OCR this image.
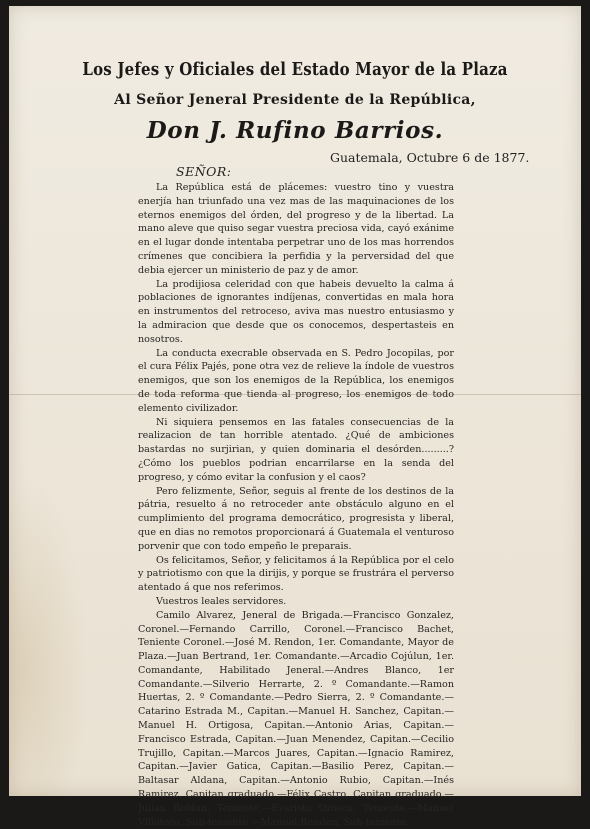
Los Jefes y Oficiales del Estado Mayor de la Plaza
Al Señor Jeneral Presidente de la República,
Don J. Rufino Barrios.
Guatemala, Octubre 6 de 1877.
SEÑOR:

La República está de plácemes: vuestro tino y vuestra enerjía han triunfado una vez mas de las maquinaciones de los eternos enemigos del órden, del progreso y de la libertad. La mano aleve que quiso segar vuestra preciosa vida, cayó exánime en el lugar donde intentaba perpetrar uno de los mas horrendos crímenes que concibiera la perfidia y la perversidad del que debia ejercer un ministerio de paz y de amor.

La prodijiosa celeridad con que habeis devuelto la calma á poblaciones de ignorantes indíjenas, convertidas en mala hora en instrumentos del retroceso, aviva mas nuestro entusiasmo y la admiracion que desde que os conocemos, despertasteis en nosotros.

La conducta execrable observada en S. Pedro Jocopilas, por el cura Félix Pajés, pone otra vez de relieve la índole de vuestros enemigos, que son los enemigos de la República, los enemigos de toda reforma que tienda al progreso, los enemigos de todo elemento civilizador.

Ni siquiera pensemos en las fatales consecuencias de la realizacion de tan horrible atentado. ¿Qué de ambiciones bastardas no surjirian, y quien dominaria el desórden.........? ¿Cómo los pueblos podrian encarrilarse en la senda del progreso, y cómo evitar la confusion y el caos?

Pero felizmente, Señor, seguis al frente de los destinos de la pátria, resuelto á no retroceder ante obstáculo alguno en el cumplimiento del programa democrático, progresista y liberal, que en dias no remotos proporcionará á Guatemala el venturoso porvenir que con todo empeño le preparais.

Os felicitamos, Señor, y felicitamos á la República por el celo y patriotismo con que la dirijis, y porque se frustrára el perverso atentado á que nos referimos.

Vuestros leales servidores.

Camilo Alvarez, Jeneral de Brigada.—Francisco Gonzalez, Coronel.—Fernando Carrillo, Coronel.—Francisco Bachet, Teniente Coronel.—José M. Rendon, 1er. Comandante, Mayor de Plaza.—Juan Bertrand, 1er. Comandante.—Arcadio Cojúlun, 1er. Comandante, Habilitado Jeneral.—Andres Blanco, 1er Comandante.—Silverio Herrarte, 2. º Comandante.—Ramon Huertas, 2. º Comandante.—Pedro Sierra, 2. º Comandante.—Catarino Estrada M., Capitan.—Manuel H. Sanchez, Capitan.—Manuel H. Ortigosa, Capitan.—Antonio Arias, Capitan.—Francisco Estrada, Capitan.—Juan Menendez, Capitan.—Cecilio Trujillo, Capitan.—Marcos Juares, Capitan.—Ignacio Ramirez, Capitan.—Javier Gatica, Capitan.—Basilio Perez, Capitan.—Baltasar Aldana, Capitan.—Antonio Rubio, Capitan.—Inés Ramirez, Capitan graduado.—Félix Castro, Capitan graduado.—Julian Roldan, Teniente.—Evaristo Orosco, Teniente.—Manuel Villatoro, Sub-teniente.—Manuel Rendon, Sub-teniente.
